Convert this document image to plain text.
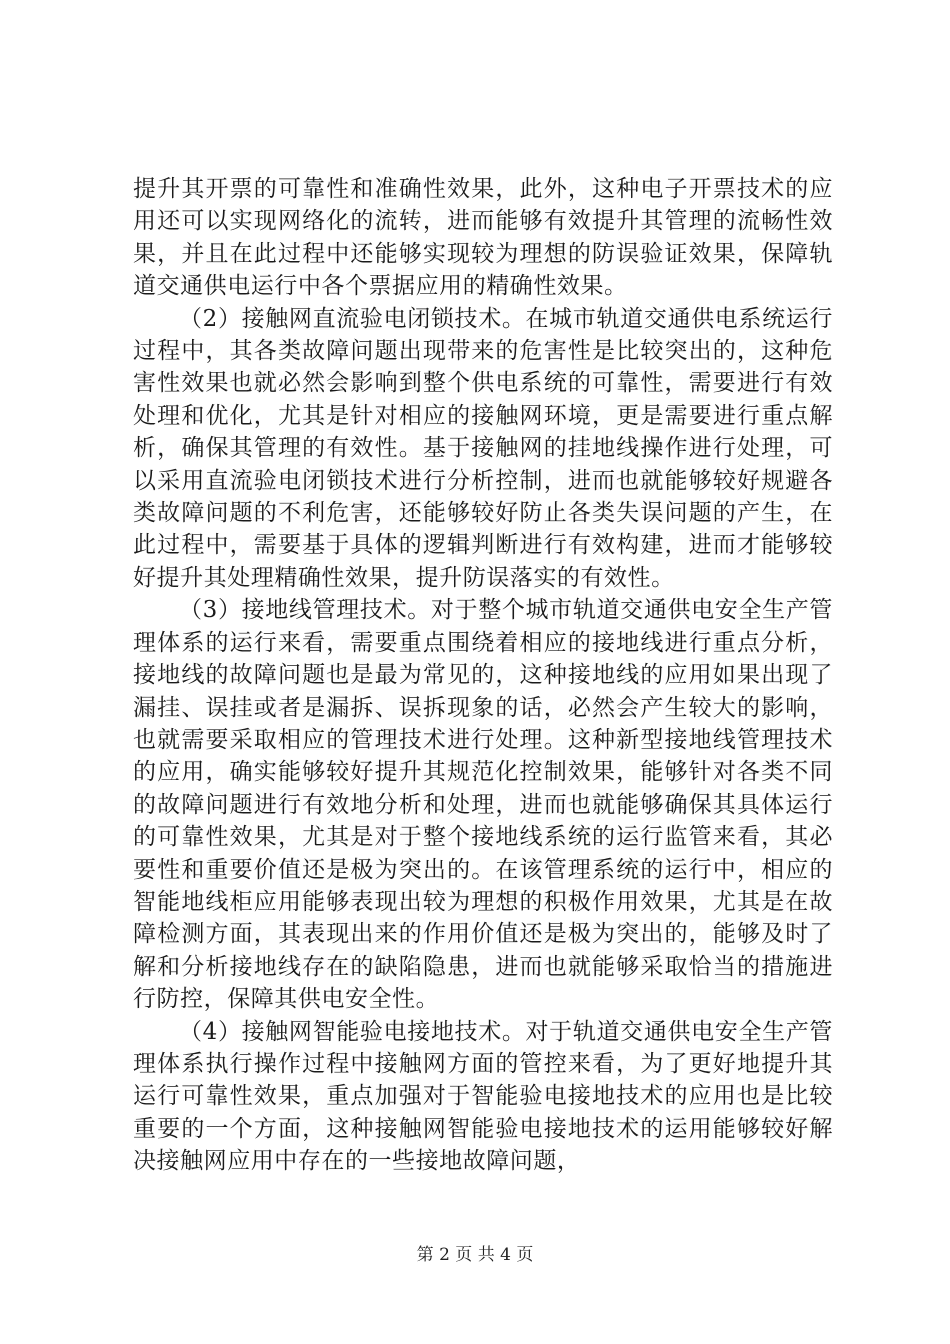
提升其开票的可靠性和准确性效果，此外，这种电子开票技术的应用还可以实现网络化的流转，进而能够有效提升其管理的流畅性效果，并且在此过程中还能够实现较为理想的防误验证效果，保障轨道交通供电运行中各个票据应用的精确性效果。

（2）接触网直流验电闭锁技术。在城市轨道交通供电系统运行过程中，其各类故障问题出现带来的危害性是比较突出的，这种危害性效果也就必然会影响到整个供电系统的可靠性，需要进行有效处理和优化，尤其是针对相应的接触网环境，更是需要进行重点解析，确保其管理的有效性。基于接触网的挂地线操作进行处理，可以采用直流验电闭锁技术进行分析控制，进而也就能够较好规避各类故障问题的不利危害，还能够较好防止各类失误问题的产生，在此过程中，需要基于具体的逻辑判断进行有效构建，进而才能够较好提升其处理精确性效果，提升防误落实的有效性。

（3）接地线管理技术。对于整个城市轨道交通供电安全生产管理体系的运行来看，需要重点围绕着相应的接地线进行重点分析，接地线的故障问题也是最为常见的，这种接地线的应用如果出现了漏挂、误挂或者是漏拆、误拆现象的话，必然会产生较大的影响，也就需要采取相应的管理技术进行处理。这种新型接地线管理技术的应用，确实能够较好提升其规范化控制效果，能够针对各类不同的故障问题进行有效地分析和处理，进而也就能够确保其具体运行的可靠性效果，尤其是对于整个接地线系统的运行监管来看，其必要性和重要价值还是极为突出的。在该管理系统的运行中，相应的智能地线柜应用能够表现出较为理想的积极作用效果，尤其是在故障检测方面，其表现出来的作用价值还是极为突出的，能够及时了解和分析接地线存在的缺陷隐患，进而也就能够采取恰当的措施进行防控，保障其供电安全性。

（4）接触网智能验电接地技术。对于轨道交通供电安全生产管理体系执行操作过程中接触网方面的管控来看，为了更好地提升其运行可靠性效果，重点加强对于智能验电接地技术的应用也是比较重要的一个方面，这种接触网智能验电接地技术的运用能够较好解决接触网应用中存在的一些接地故障问题，

第 2 页 共 4 页
